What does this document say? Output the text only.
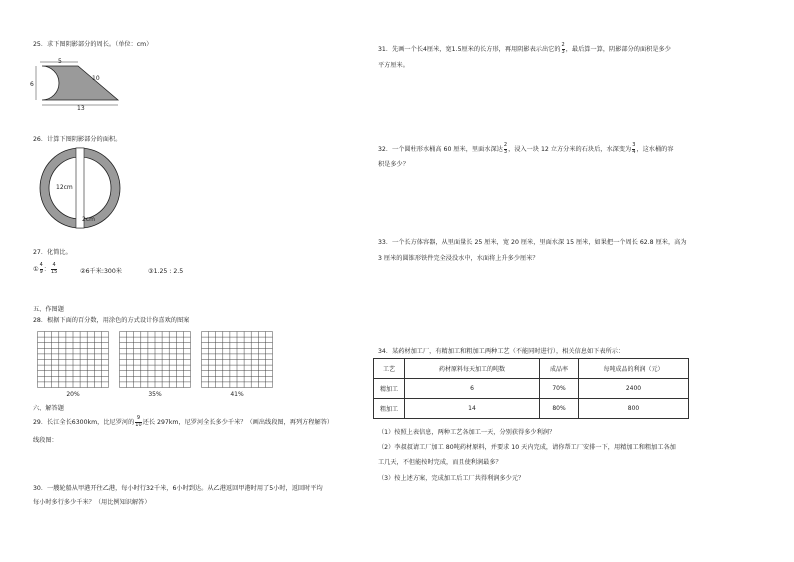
25．求下图阴影部分的周长。（单位：cm）
5
10
6
13
26．计算下图阴影部分的面积。
12cm
2cm
27．化简比。
① $\frac{4}{9}$ ： $\frac{4}{15}$	②6千米:300米	③1.25 : 2.5
五、作图题
28．根据下面的百分数，用涂色的方式设计你喜欢的图案
20%	35%	41%
六、解答题
29．长江全长6300km，比尼罗河的 $\frac{9}{10}$ 还长 297km，尼罗河全长多少千米？（画出线段图，再列方程解答）
线段图：
30．一艘轮船从甲港开往乙港，每小时行32千米，6小时到达。从乙港返回甲港时用了5小时，返回时平均
每小时多行多少千米？（用比例知识解答）
31．先画一个长4厘米，宽1.5厘米的长方形，再用阴影表示出它的 $\frac{2}{3}$ ，最后算一算，阴影部分的面积是多少
平方厘米。
32．一个圆柱形水桶高 60 厘米，里面水深达 $\frac{2}{3}$ ，浸入一块 12 立方分米的石块后，水深变为 $\frac{3}{4}$ ，这水桶的容
积是多少？
33．一个长方体容器，从里面量长 25 厘米，宽 20 厘米，里面水深 15 厘米，如果把一个周长 62.8 厘米，高为
3 厘米的圆锥形铁件完全浸没水中，水面将上升多少厘米？
34．某药材加工厂，有精加工和粗加工两种工艺（不能同时进行），相关信息如下表所示：
工艺	药材原料每天加工的吨数	成品率	每吨成品的利润（元）
精加工	6	70%	2400
粗加工	14	80%	800
（1）按照上表信息，两种工艺各加工一天，分别获得多少利润？
（2）李叔叔请工厂加工 80吨药材原料，并要求 10 天内完成，请你帮工厂安排一下，用精加工和粗加工各加
工几天，不但能按时完成，而且使利润最多？
（3）按上述方案，完成加工后工厂共得利润多少元？
